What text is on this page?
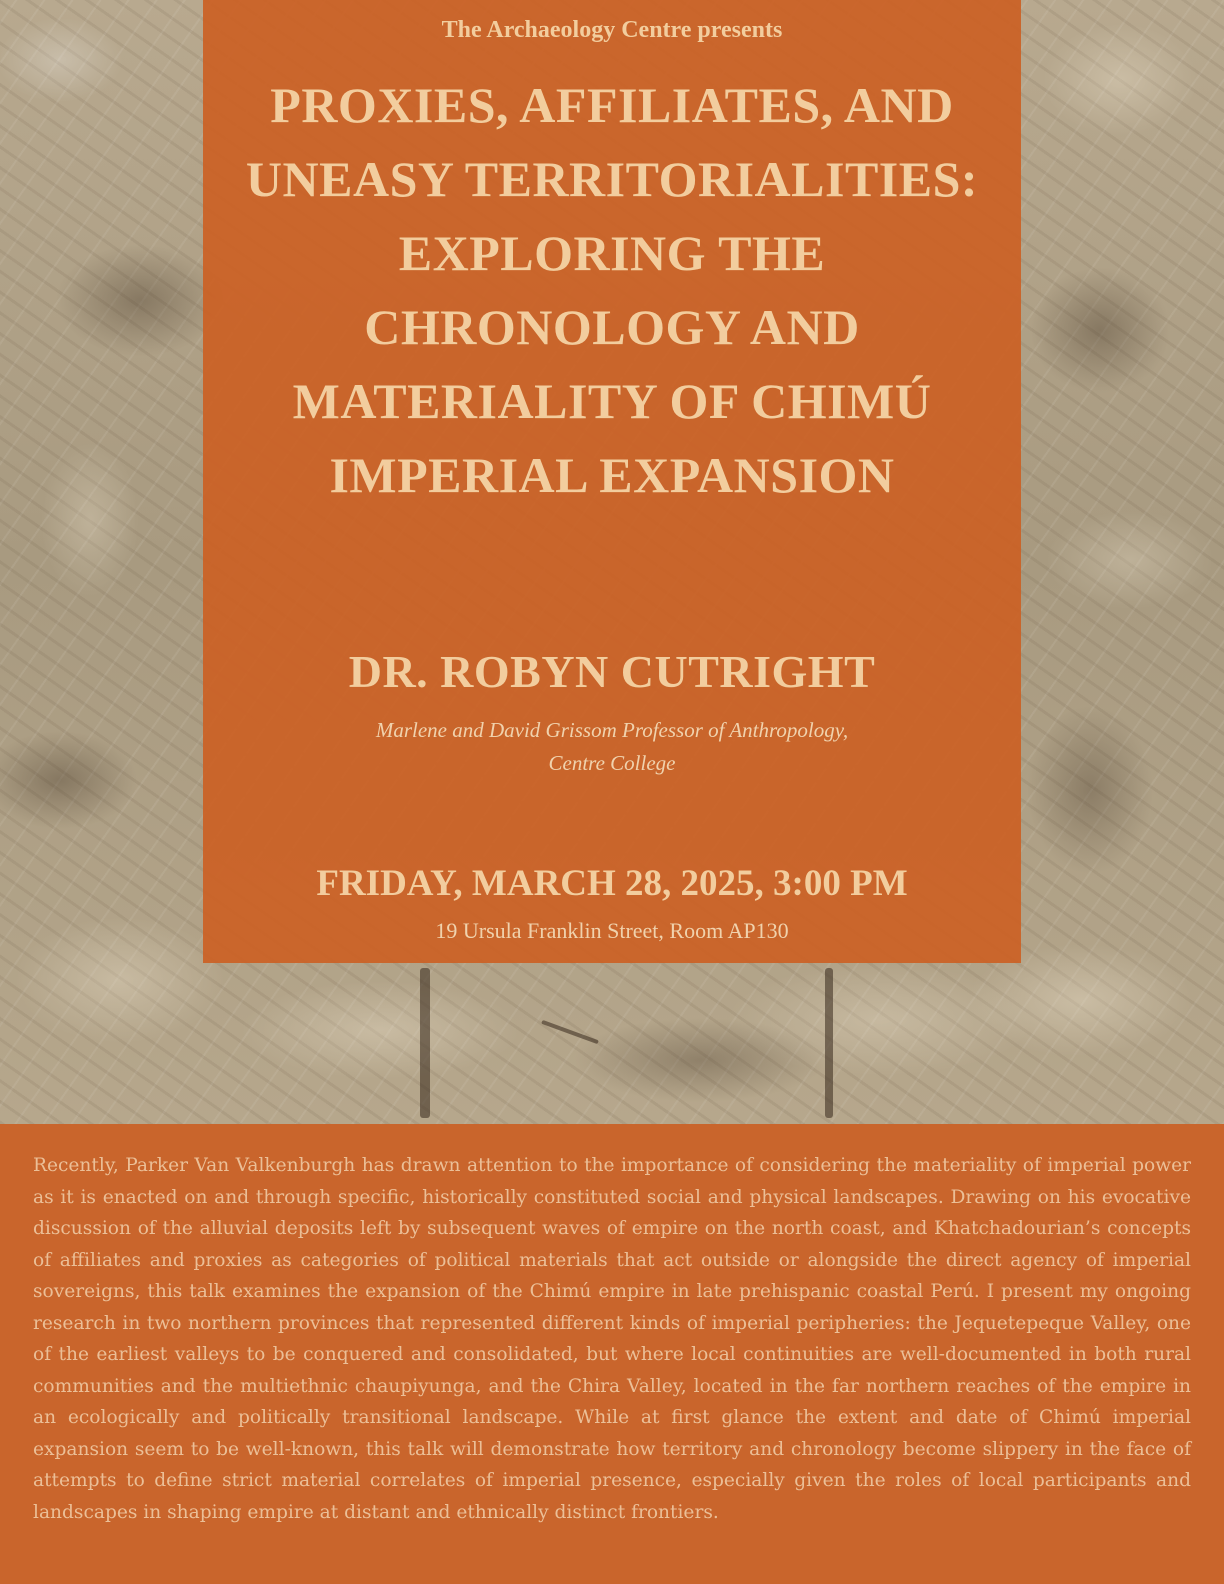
The Archaeology Centre presents
PROXIES, AFFILIATES, AND
UNEASY TERRITORIALITIES:
EXPLORING THE
CHRONOLOGY AND
MATERIALITY OF CHIMÚ
IMPERIAL EXPANSION
DR. ROBYN CUTRIGHT
Marlene and David Grissom Professor of Anthropology,
Centre College
FRIDAY, MARCH 28, 2025, 3:00 PM
19 Ursula Franklin Street, Room AP130

Recently, Parker Van Valkenburgh has drawn attention to the importance of considering the materiality of imperial power as it is enacted on and through specific, historically constituted social and physical landscapes. Drawing on his evocative discussion of the alluvial deposits left by subsequent waves of empire on the north coast, and Khatchadourian’s concepts of affiliates and proxies as categories of political materials that act outside or alongside the direct agency of imperial sovereigns, this talk examines the expansion of the Chimú empire in late prehispanic coastal Perú. I present my ongoing research in two northern provinces that represented different kinds of imperial peripheries: the Jequetepeque Valley, one of the earliest valleys to be conquered and consolidated, but where local continuities are well-documented in both rural communities and the multiethnic chaupiyunga, and the Chira Valley, located in the far northern reaches of the empire in an ecologically and politically transitional landscape. While at first glance the extent and date of Chimú imperial expansion seem to be well-known, this talk will demonstrate how territory and chronology become slippery in the face of attempts to define strict material correlates of imperial presence, especially given the roles of local participants and landscapes in shaping empire at distant and ethnically distinct frontiers.
